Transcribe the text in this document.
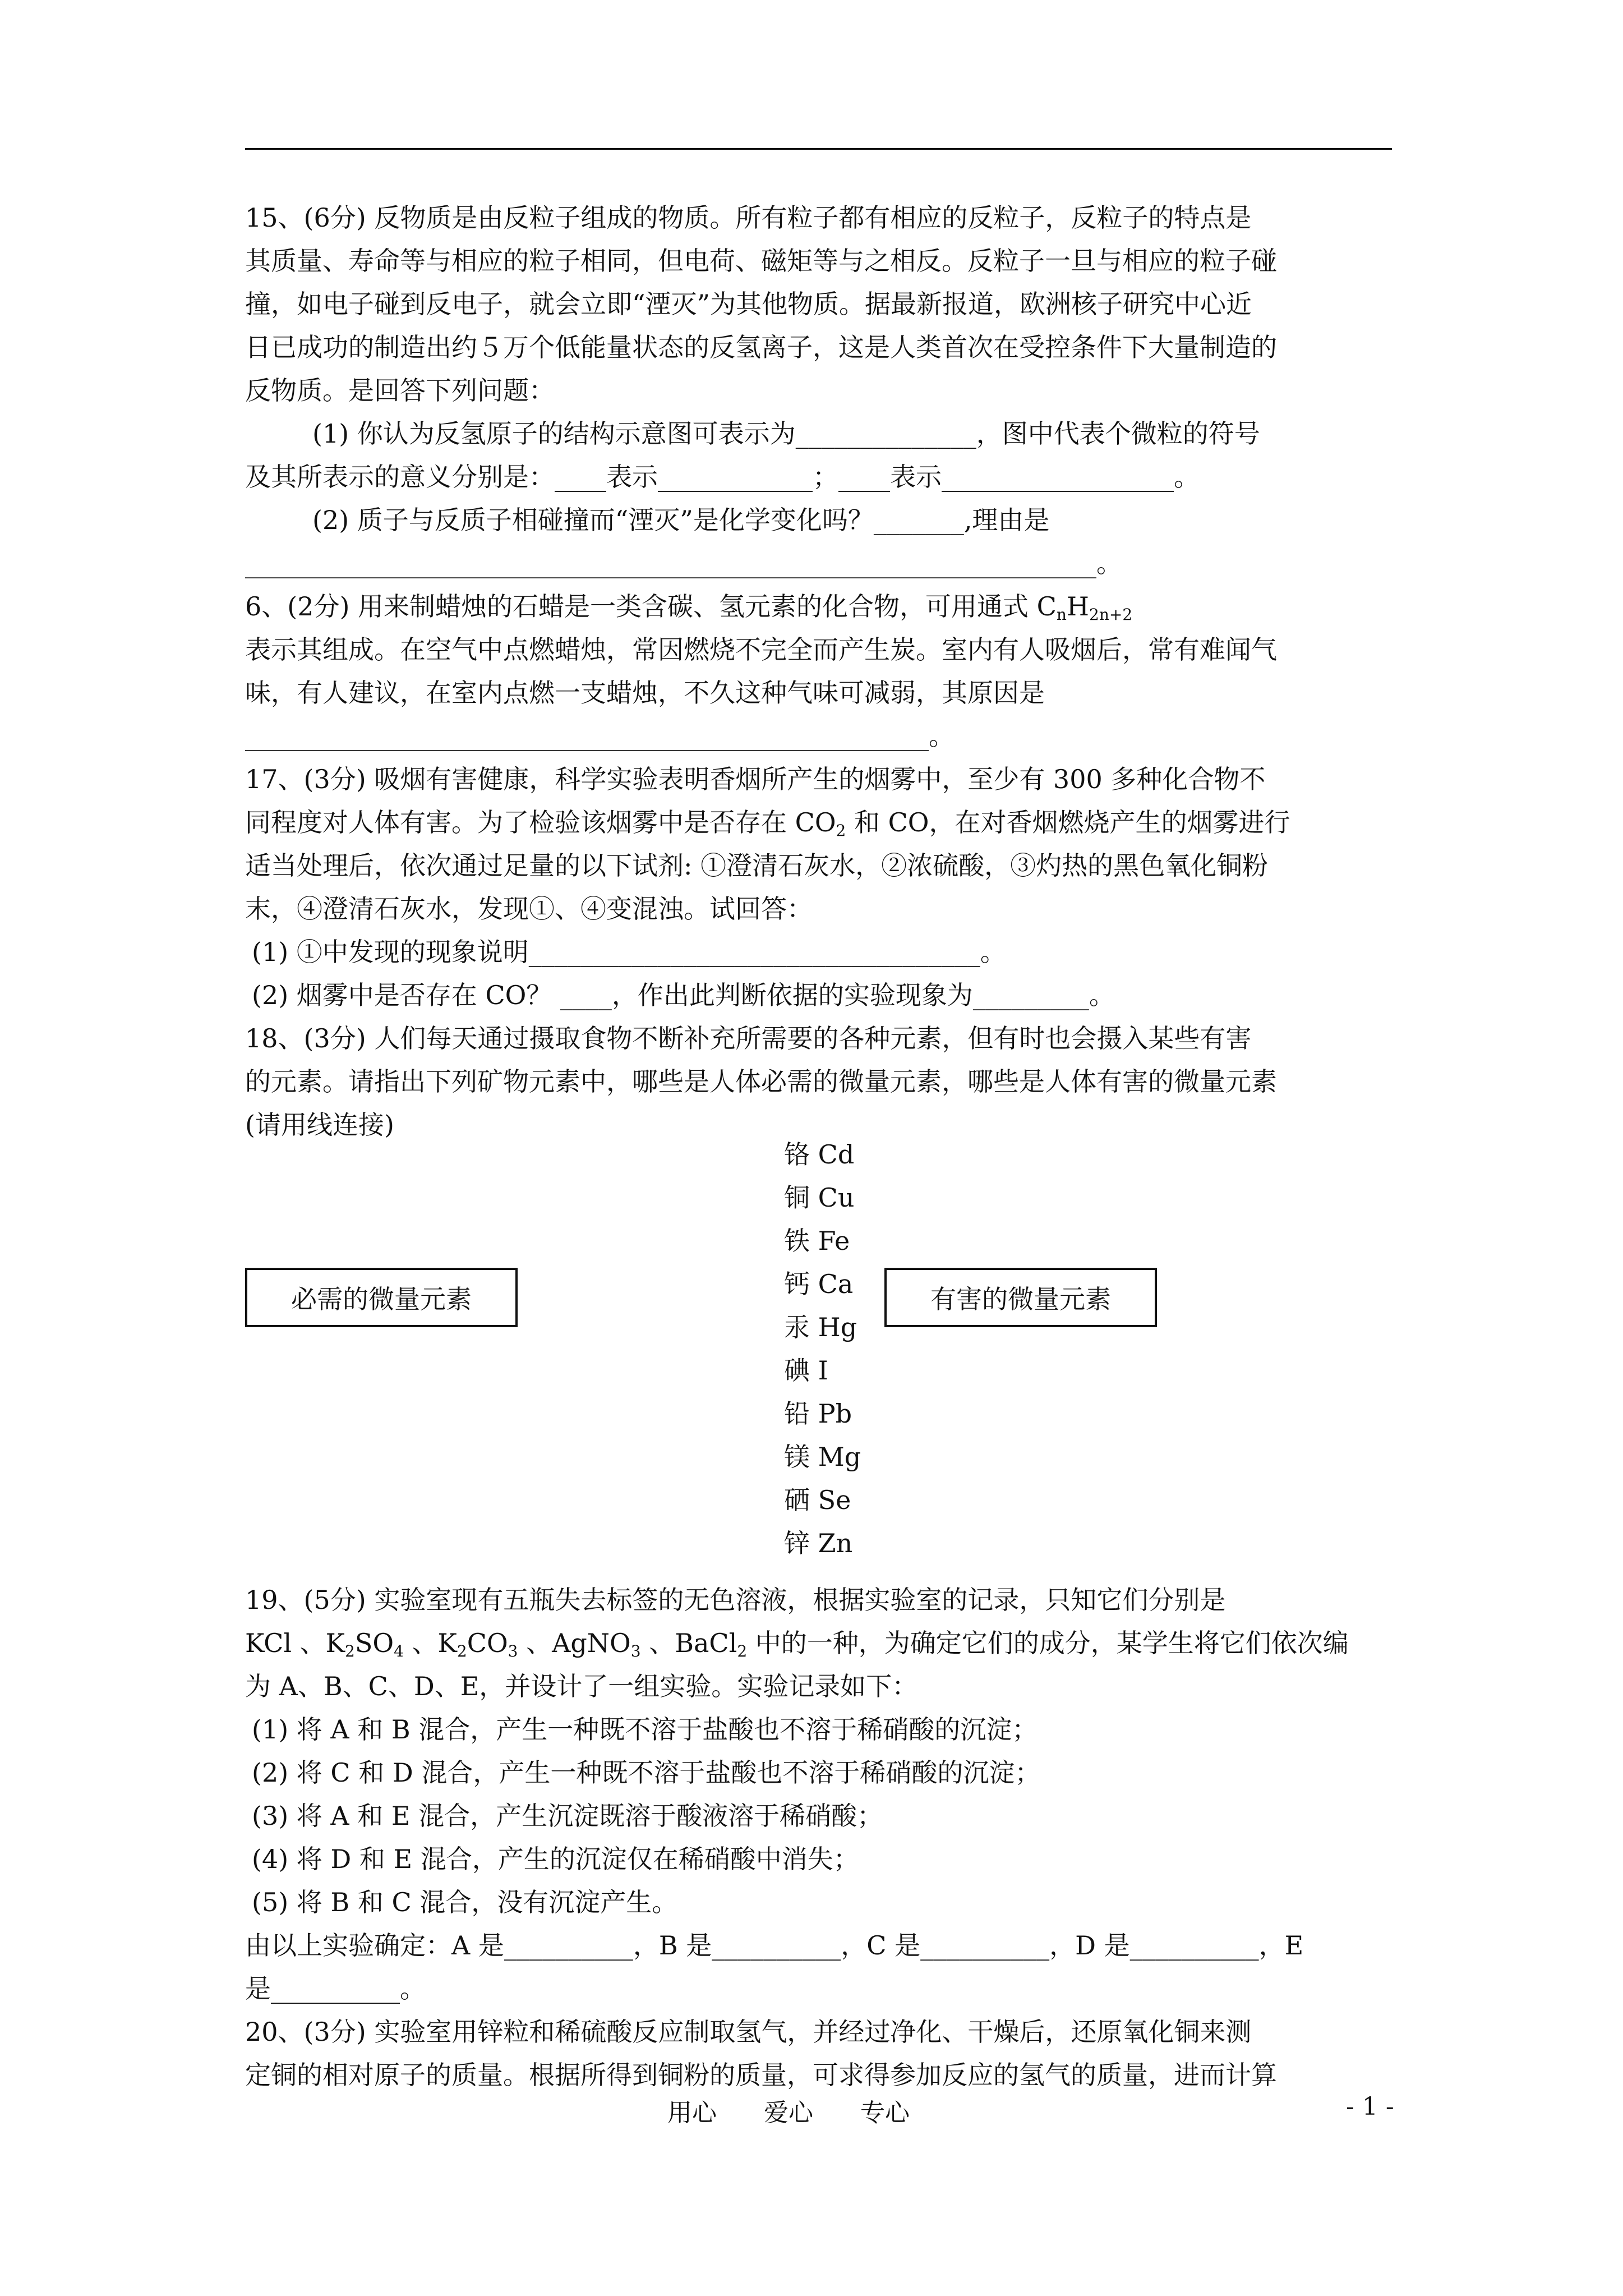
15、(6分) 反物质是由反粒子组成的物质。所有粒子都有相应的反粒子，反粒子的特点是
其质量、寿命等与相应的粒子相同，但电荷、磁矩等与之相反。反粒子一旦与相应的粒子碰
撞，如电子碰到反电子，就会立即“湮灭”为其他物质。据最新报道，欧洲核子研究中心近
日已成功的制造出约５万个低能量状态的反氢离子，这是人类首次在受控条件下大量制造的
反物质。是回答下列问题：
(1) 你认为反氢原子的结构示意图可表示为______________，图中代表个微粒的符号
及其所表示的意义分别是：____表示____________；____表示__________________。
(2) 质子与反质子相碰撞而“湮灭”是化学变化吗？_______,理由是
__________________________________________________________________。
6、(2分) 用来制蜡烛的石蜡是一类含碳、氢元素的化合物，可用通式 $C_nH_{2n+2}$
表示其组成。在空气中点燃蜡烛，常因燃烧不完全而产生炭。室内有人吸烟后，常有难闻气
味，有人建议，在室内点燃一支蜡烛，不久这种气味可减弱，其原因是
_____________________________________________________。
17、(3分) 吸烟有害健康，科学实验表明香烟所产生的烟雾中，至少有 300 多种化合物不
同程度对人体有害。为了检验该烟雾中是否存在 $CO_2$ 和 CO，在对香烟燃烧产生的烟雾进行
适当处理后，依次通过足量的以下试剂: ①澄清石灰水，②浓硫酸，③灼热的黑色氧化铜粉
末，④澄清石灰水，发现①、④变混浊。试回答：
(1) ①中发现的现象说明___________________________________。
(2) 烟雾中是否存在 CO？ ____，作出此判断依据的实验现象为_________。
18、(3分) 人们每天通过摄取食物不断补充所需要的各种元素，但有时也会摄入某些有害
的元素。请指出下列矿物元素中，哪些是人体必需的微量元素，哪些是人体有害的微量元素
(请用线连接)
19、(5分) 实验室现有五瓶失去标签的无色溶液，根据实验室的记录，只知它们分别是
KCl 、$K_2SO_4$ 、$K_2CO_3$ 、AgNO$_3$ 、BaCl$_2$ 中的一种，为确定它们的成分，某学生将它们依次编
为 A、B、C、D、E，并设计了一组实验。实验记录如下：
(1) 将 A 和 B 混合，产生一种既不溶于盐酸也不溶于稀硝酸的沉淀；
(2) 将 C 和 D 混合，产生一种既不溶于盐酸也不溶于稀硝酸的沉淀；
(3) 将 A 和 E 混合，产生沉淀既溶于酸液溶于稀硝酸；
(4) 将 D 和 E 混合，产生的沉淀仅在稀硝酸中消失；
(5) 将 B 和 C 混合，没有沉淀产生。
由以上实验确定：A 是__________，B 是__________，C 是__________，D 是__________，E
是__________。
20、(3分) 实验室用锌粒和稀硫酸反应制取氢气，并经过净化、干燥后，还原氧化铜来测
定铜的相对原子的质量。根据所得到铜粉的质量，可求得参加反应的氢气的质量，进而计算
必需的微量元素	有害的微量元素
铬 Cd
铜 Cu
铁 Fe
钙 Ca
汞 Hg
碘 I
铅 Pb
镁 Mg
硒 Se
锌 Zn
用心 爱心 专心	- 1 -
